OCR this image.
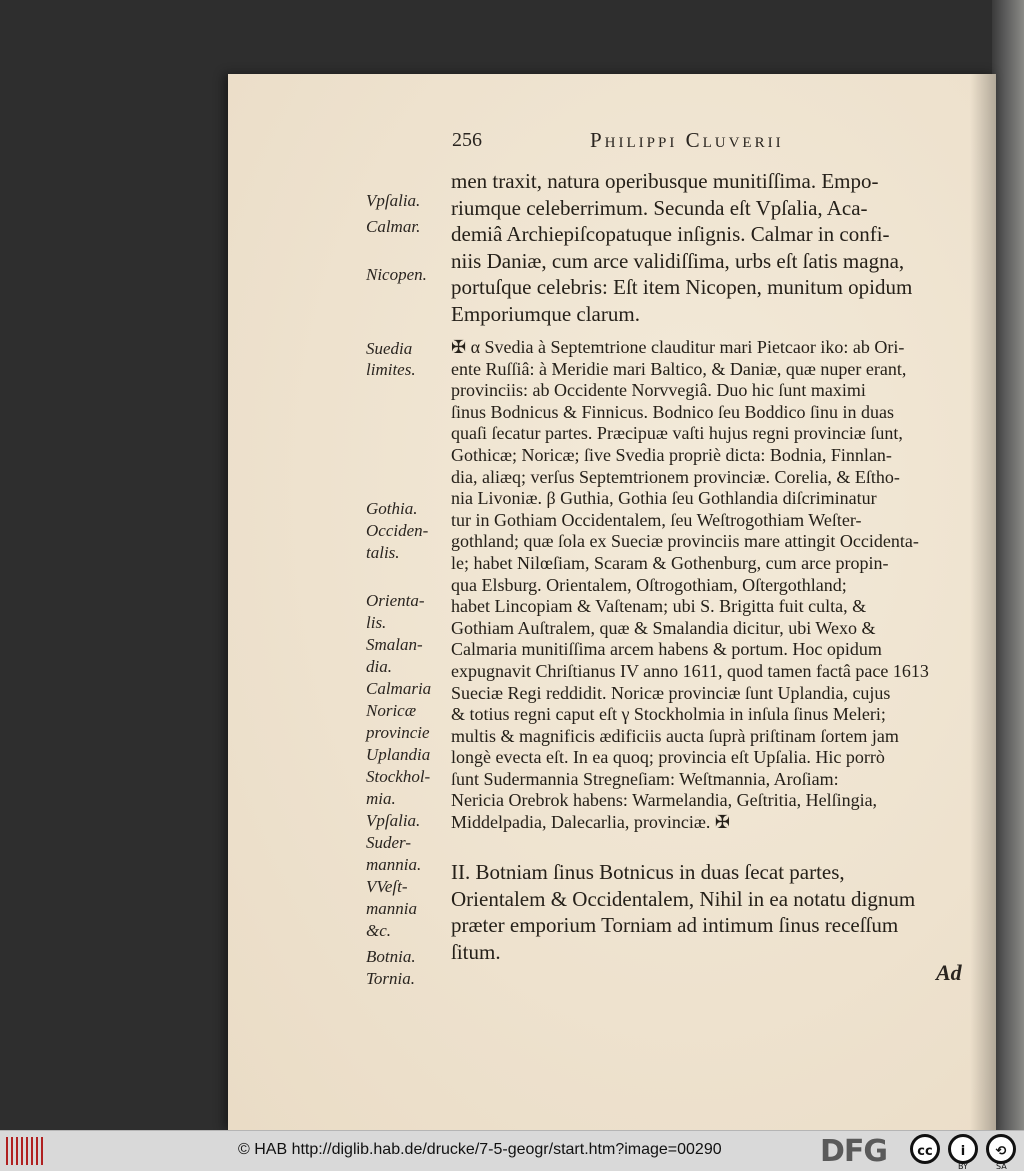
256	Philippi Cluverii
Vpſalia.
Calmar.
Nicopen.
Suedia
limites.
Gothia.
Occiden-
talis.
Orienta-
lis.
Smalan-
dia.
Calmaria
Noricæ
provincie
Uplandia
Stockhol-
mia.
Vpſalia.
Suder-
mannia.
VVeſt-
mannia
&c.
Botnia.
Tornia.
men traxit, natura operibusque munitiſſima. Empo-
riumque celeberrimum. Secunda eſt Vpſalia, Aca-
demiâ Archiepiſcopatuque inſignis. Calmar in confi-
niis Daniæ, cum arce validiſſima, urbs eſt ſatis magna,
portuſque celebris: Eſt item Nicopen, munitum opidum
Emporiumque clarum.
✠ α Svedia à Septemtrione clauditur mari Pietcaor iko: ab Ori-
ente Ruſſiâ: à Meridie mari Baltico, & Daniæ, quæ nuper erant,
provinciis: ab Occidente Norvvegiâ. Duo hic ſunt maximi
ſinus Bodnicus & Finnicus. Bodnico ſeu Boddico ſinu in duas
quaſi ſecatur partes. Præcipuæ vaſti hujus regni provinciæ ſunt,
Gothicæ; Noricæ; ſive Svedia propriè dicta: Bodnia, Finnlan-
dia, aliæq; verſus Septemtrionem provinciæ. Corelia, & Eſtho-
nia Livoniæ. β Guthia, Gothia ſeu Gothlandia diſcriminatur
tur in Gothiam Occidentalem, ſeu Weſtrogothiam Weſter-
gothland; quæ ſola ex Sueciæ provinciis mare attingit Occidenta-
le; habet Nilœſiam, Scaram & Gothenburg, cum arce propin-
qua Elsburg. Orientalem, Oſtrogothiam, Oſtergothland;
habet Lincopiam & Vaſtenam; ubi S. Brigitta fuit culta, &
Gothiam Auſtralem, quæ & Smalandia dicitur, ubi Wexo &
Calmaria munitiſſima arcem habens & portum. Hoc opidum
expugnavit Chriſtianus IV anno 1611, quod tamen factâ pace 1613
Sueciæ Regi reddidit. Noricæ provinciæ ſunt Uplandia, cujus
& totius regni caput eſt γ Stockholmia in inſula ſinus Meleri;
multis & magnificis ædificiis aucta ſuprà priſtinam ſortem jam
longè evecta eſt. In ea quoq; provincia eſt Upſalia. Hic porrò
ſunt Sudermannia Stregneſiam: Weſtmannia, Aroſiam:
Nericia Orebrok habens: Warmelandia, Geſtritia, Helſingia,
Middelpadia, Dalecarlia, provinciæ. ✠
II. Botniam ſinus Botnicus in duas ſecat partes,
Orientalem & Occidentalem, Nihil in ea notatu dignum
præter emporium Torniam ad intimum ſinus receſſum
ſitum.
Ad
© HAB http://diglib.hab.de/drucke/7-5-geogr/start.htm?image=00290	DFG	cc	i	⟲
BY	SA
